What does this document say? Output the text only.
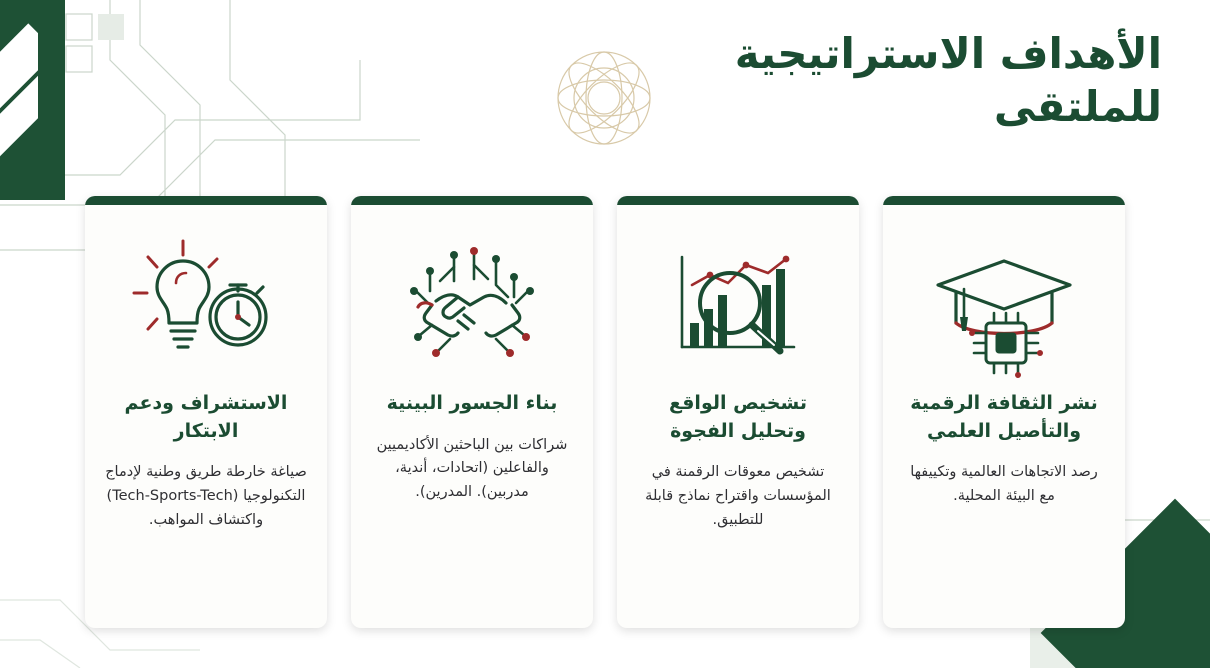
الأهداف الاستراتيجية للملتقى
الاستشراف ودعم الابتكار
صياغة خارطة طريق وطنية لإدماج التكنولوجيا (Tech-Sports-Tech) واكتشاف المواهب.
بناء الجسور البينية
شراكات بين الباحثين الأكاديميين والفاعلين (اتحادات، أندية، مدربين). المدرين).
تشخيص الواقع وتحليل الفجوة
تشخيص معوقات الرقمنة في المؤسسات واقتراح نماذج قابلة للتطبيق.
نشر الثقافة الرقمية والتأصيل العلمي
رصد الاتجاهات العالمية وتكييفها مع البيئة المحلية.
